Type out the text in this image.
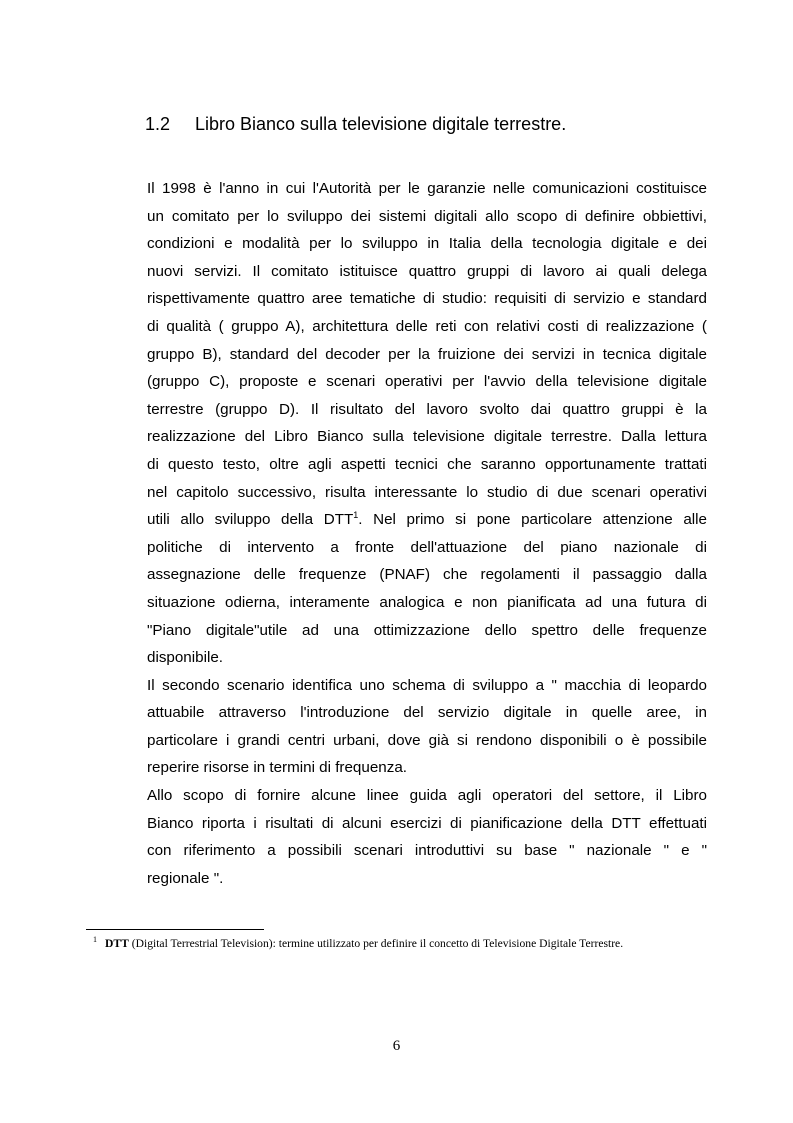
1.2 Libro Bianco sulla televisione digitale terrestre.
Il 1998 è l'anno in cui l'Autorità per le garanzie nelle comunicazioni costituisce
un comitato per lo sviluppo dei sistemi digitali allo scopo di definire obbiettivi,
condizioni e modalità per lo sviluppo in Italia della tecnologia digitale e dei
nuovi servizi. Il comitato istituisce quattro gruppi di lavoro ai quali delega
rispettivamente quattro aree tematiche di studio: requisiti di servizio e standard
di qualità ( gruppo A), architettura delle reti con relativi costi di realizzazione (
gruppo B), standard del decoder per la fruizione dei servizi in tecnica digitale
(gruppo C), proposte e scenari operativi per l'avvio della televisione digitale
terrestre (gruppo D). Il risultato del lavoro svolto dai quattro gruppi è la
realizzazione del Libro Bianco sulla televisione digitale terrestre. Dalla lettura
di questo testo, oltre agli aspetti tecnici che saranno opportunamente trattati
nel capitolo successivo, risulta interessante lo studio di due scenari operativi
utili allo sviluppo della DTT$^1$. Nel primo si pone particolare attenzione alle
politiche di intervento a fronte dell'attuazione del piano nazionale di
assegnazione delle frequenze (PNAF) che regolamenti il passaggio dalla
situazione odierna, interamente analogica e non pianificata ad una futura di
"Piano digitale"utile ad una ottimizzazione dello spettro delle frequenze
disponibile.
Il secondo scenario identifica uno schema di sviluppo a " macchia di leopardo
attuabile attraverso l'introduzione del servizio digitale in quelle aree, in
particolare i grandi centri urbani, dove già si rendono disponibili o è possibile
reperire risorse in termini di frequenza.
Allo scopo di fornire alcune linee guida agli operatori del settore, il Libro
Bianco riporta i risultati di alcuni esercizi di pianificazione della DTT effettuati
con riferimento a possibili scenari introduttivi su base " nazionale " e "
regionale ".
$^1$ DTT (Digital Terrestrial Television): termine utilizzato per definire il concetto di Televisione Digitale Terrestre.
6
